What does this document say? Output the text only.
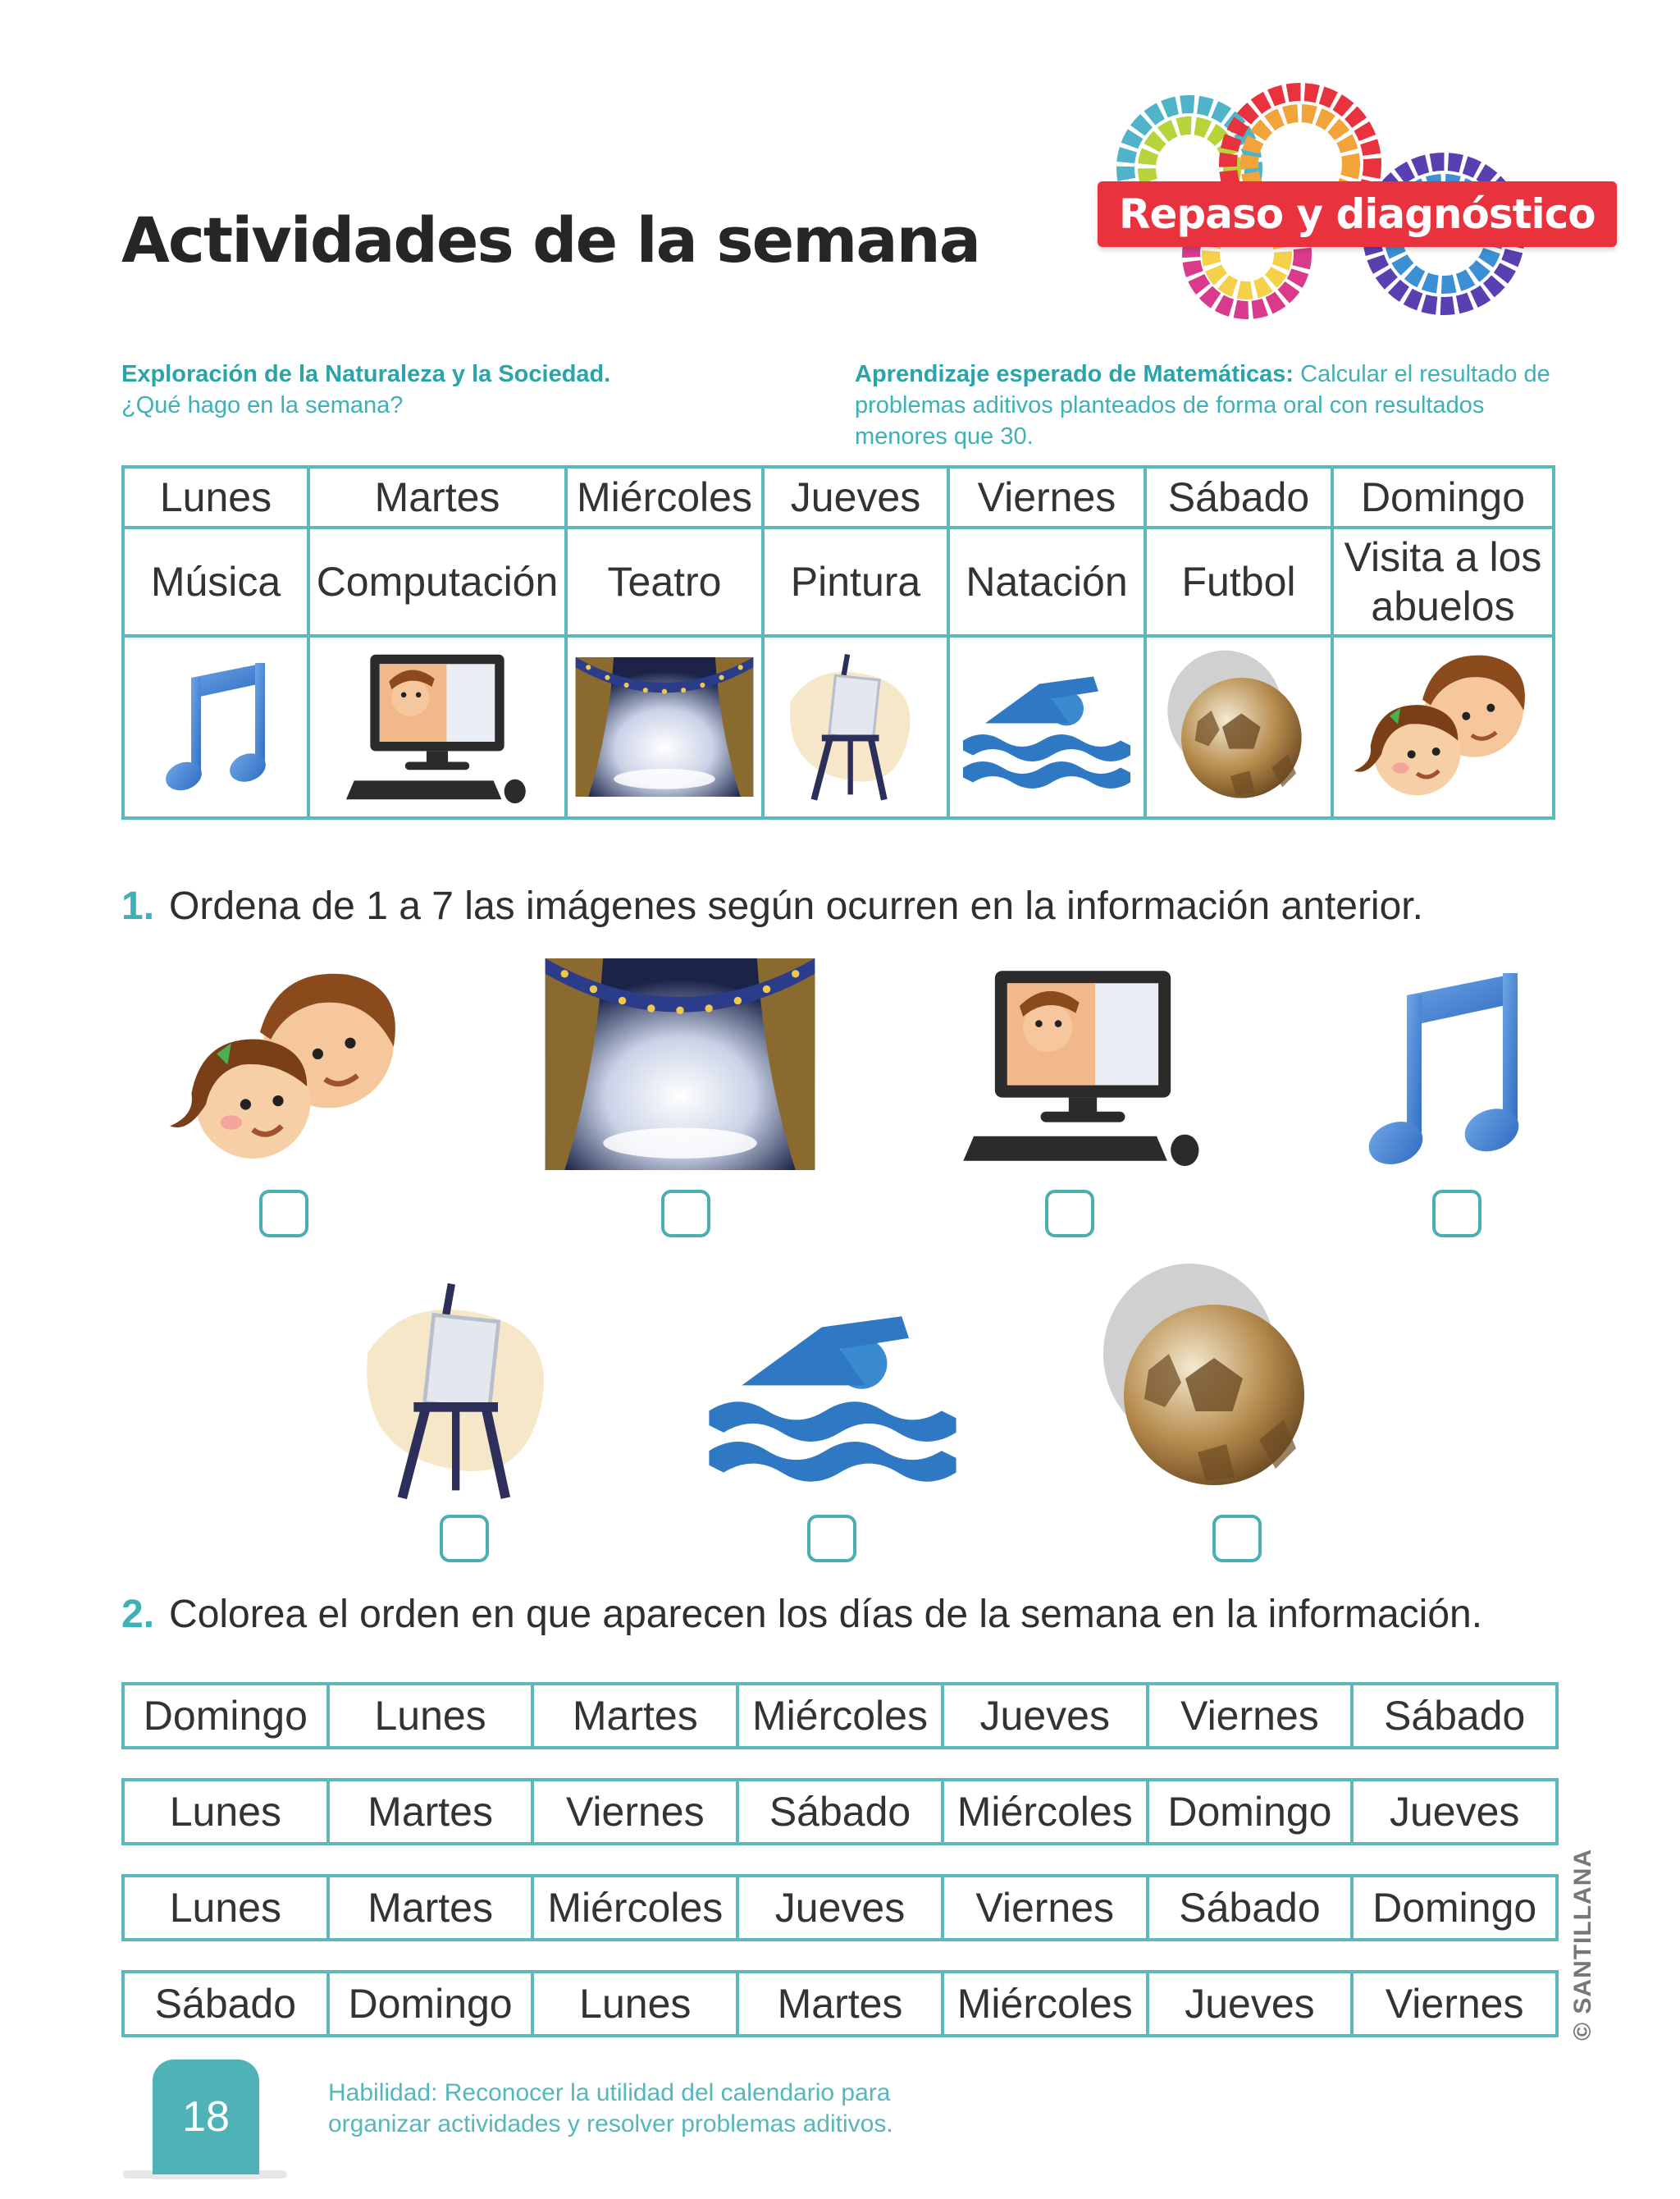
Actividades de la semana	Repaso y diagnóstico
Exploración de la Naturaleza y la Sociedad.
¿Qué hago en la semana?
Aprendizaje esperado de Matemáticas: Calcular el resultado de problemas aditivos planteados de forma oral con resultados menores que 30.
Lunes	Martes	Miércoles	Jueves	Viernes	Sábado	Domingo
Música	Computación	Teatro	Pintura	Natación	Futbol	Visita a los abuelos

1. Ordena de 1 a 7 las imágenes según ocurren en la información anterior.
2. Colorea el orden en que aparecen los días de la semana en la información.
Domingo	Lunes	Martes	Miércoles	Jueves	Viernes	Sábado
Lunes	Martes	Viernes	Sábado	Miércoles Domingo	Jueves
Lunes	Martes	Miércoles	Jueves	Viernes	Sábado	Domingo
Sábado	Domingo	Lunes	Martes	Miércoles	Jueves	Viernes	© SANTILLANA
18
Habilidad: Reconocer la utilidad del calendario para organizar actividades y resolver problemas aditivos.
